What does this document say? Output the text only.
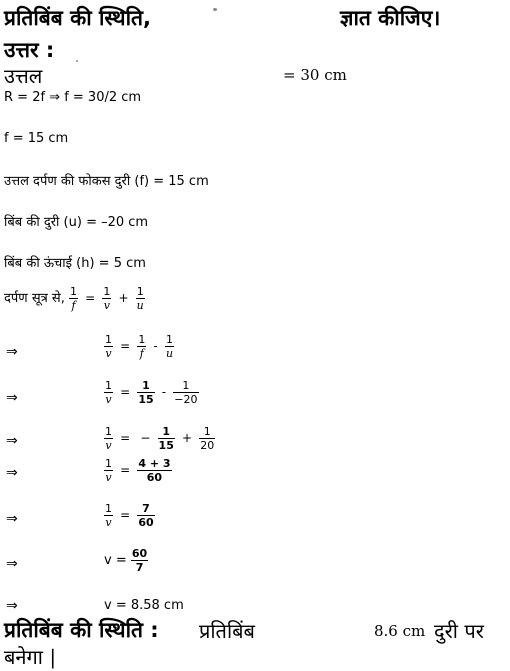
प्रतिबिंब की स्थिति,	ज्ञात कीजिए।
उत्तर :
उत्तल	= 30 cm
R = 2f ⇒ f = 30/2 cm
f = 15 cm
उत्तल दर्पण की फोकस दुरी (f) = 15 cm
बिंब की दुरी (u) = –20 cm
बिंब की ऊंचाई (h) = 5 cm
दर्पण सूत्र से, $\frac{1}{f} = \frac{1}{v} + \frac{1}{u}$
⇒	$\frac{1}{v} = \frac{1}{f} - \frac{1}{u}$
⇒	$\frac{1}{v} = \frac{1}{15} - \frac{1}{-20}$
⇒	$\frac{1}{v}$ = − $\frac{1}{15} + \frac{1}{20}$
⇒	$\frac{1}{v} = \frac{4 + 3}{60}$
⇒	$\frac{1}{v} = \frac{7}{60}$
⇒	$v = \frac{60}{7}$
⇒	v = 8.58 cm
प्रतिबिंब की स्थिति : प्रतिबिंब	8.6 cm दुरी पर
बनेगा |
